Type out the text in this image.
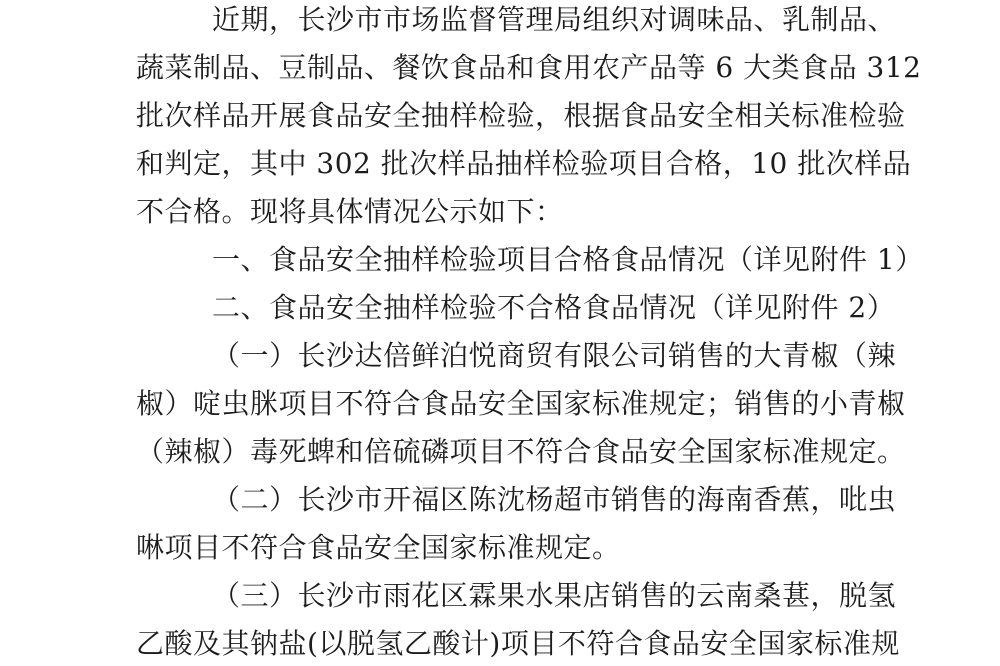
近期，长沙市市场监督管理局组织对调味品、乳制品、
蔬菜制品、豆制品、餐饮食品和食用农产品等 6 大类食品 312
批次样品开展食品安全抽样检验，根据食品安全相关标准检验
和判定，其中 302 批次样品抽样检验项目合格，10 批次样品
不合格。现将具体情况公示如下：
一、食品安全抽样检验项目合格食品情况（详见附件 1）
二、食品安全抽样检验不合格食品情况（详见附件 2）
（一）长沙达倍鲜泊悦商贸有限公司销售的大青椒（辣
椒）啶虫脒项目不符合食品安全国家标准规定；销售的小青椒
（辣椒）毒死蜱和倍硫磷项目不符合食品安全国家标准规定。
（二）长沙市开福区陈沈杨超市销售的海南香蕉，吡虫
啉项目不符合食品安全国家标准规定。
（三）长沙市雨花区霖果水果店销售的云南桑葚，脱氢
乙酸及其钠盐(以脱氢乙酸计)项目不符合食品安全国家标准规
